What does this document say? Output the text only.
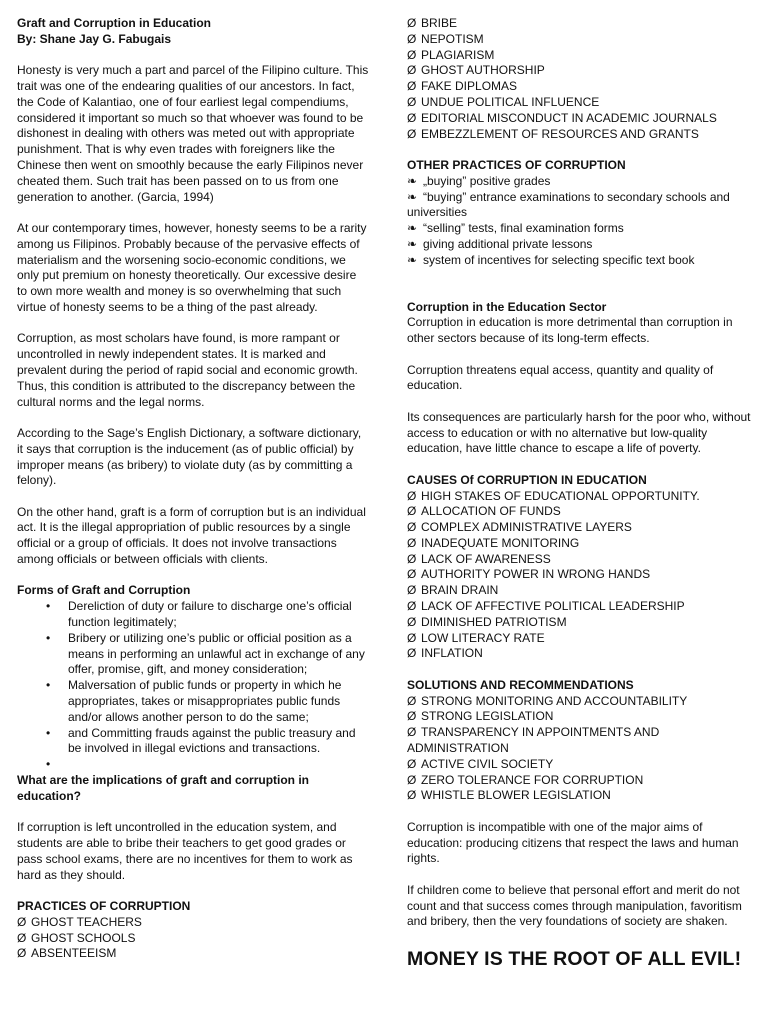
Graft and Corruption in Education

By: Shane Jay G. Fabugais

Honesty is very much a part and parcel of the Filipino culture. This trait was one of the endearing qualities of our ancestors. In fact, the Code of Kalantiao, one of four earliest legal compendiums, considered it important so much so that whoever was found to be dishonest in dealing with others was meted out with appropriate punishment. That is why even trades with foreigners like the Chinese then went on smoothly because the early Filipinos never cheated them. Such trait has been passed on to us from one generation to another. (Garcia, 1994)

At our contemporary times, however, honesty seems to be a rarity among us Filipinos. Probably because of the pervasive effects of materialism and the worsening socio-economic conditions, we only put premium on honesty theoretically. Our excessive desire to own more wealth and money is so overwhelming that such virtue of honesty seems to be a thing of the past already.

Corruption, as most scholars have found, is more rampant or uncontrolled in newly independent states. It is marked and prevalent during the period of rapid social and economic growth. Thus, this condition is attributed to the discrepancy between the cultural norms and the legal norms.

According to the Sage’s English Dictionary, a software dictionary, it says that corruption is the inducement (as of public official) by improper means (as bribery) to violate duty (as by committing a felony).

On the other hand, graft is a form of corruption but is an individual act. It is the illegal appropriation of public resources by a single official or a group of officials. It does not involve transactions among officials or between officials with clients.

Forms of Graft and Corruption

• Dereliction of duty or failure to discharge one’s official function legitimately;
• Bribery or utilizing one’s public or official position as a means in performing an unlawful act in exchange of any offer, promise, gift, and money consideration;
• Malversation of public funds or property in which he appropriates, takes or misappropriates public funds and/or allows another person to do the same;
• and Committing frauds against the public treasury and be involved in illegal evictions and transactions.
•

What are the implications of graft and corruption in education?

If corruption is left uncontrolled in the education system, and students are able to bribe their teachers to get good grades or pass school exams, there are no incentives for them to work as hard as they should.

PRACTICES OF CORRUPTION

Ø GHOST TEACHERS
Ø GHOST SCHOOLS
Ø ABSENTEEISM
Ø BRIBE
Ø NEPOTISM
Ø PLAGIARISM
Ø GHOST AUTHORSHIP
Ø FAKE DIPLOMAS
Ø UNDUE POLITICAL INFLUENCE
Ø EDITORIAL MISCONDUCT IN ACADEMIC JOURNALS
Ø EMBEZZLEMENT OF RESOURCES AND GRANTS

OTHER PRACTICES OF CORRUPTION

❧ „buying” positive grades
❧ “buying” entrance examinations to secondary schools and universities
❧ “selling” tests, final examination forms
❧ giving additional private lessons
❧ system of incentives for selecting specific text book

Corruption in the Education Sector

Corruption in education is more detrimental than corruption in other sectors because of its long-term effects.

Corruption threatens equal access, quantity and quality of education.

Its consequences are particularly harsh for the poor who, without access to education or with no alternative but low-quality education, have little chance to escape a life of poverty.

CAUSES Of CORRUPTION IN EDUCATION

Ø HIGH STAKES OF EDUCATIONAL OPPORTUNITY.
Ø ALLOCATION OF FUNDS
Ø COMPLEX ADMINISTRATIVE LAYERS
Ø INADEQUATE MONITORING
Ø LACK OF AWARENESS
Ø AUTHORITY POWER IN WRONG HANDS
Ø BRAIN DRAIN
Ø LACK OF AFFECTIVE POLITICAL LEADERSHIP
Ø DIMINISHED PATRIOTISM
Ø LOW LITERACY RATE
Ø INFLATION

SOLUTIONS AND RECOMMENDATIONS

Ø STRONG MONITORING AND ACCOUNTABILITY
Ø STRONG LEGISLATION
Ø TRANSPARENCY IN APPOINTMENTS AND ADMINISTRATION
Ø ACTIVE CIVIL SOCIETY
Ø ZERO TOLERANCE FOR CORRUPTION
Ø WHISTLE BLOWER LEGISLATION

Corruption is incompatible with one of the major aims of education: producing citizens that respect the laws and human rights.

If children come to believe that personal effort and merit do not count and that success comes through manipulation, favoritism and bribery, then the very foundations of society are shaken.

MONEY IS THE ROOT OF ALL EVIL!
